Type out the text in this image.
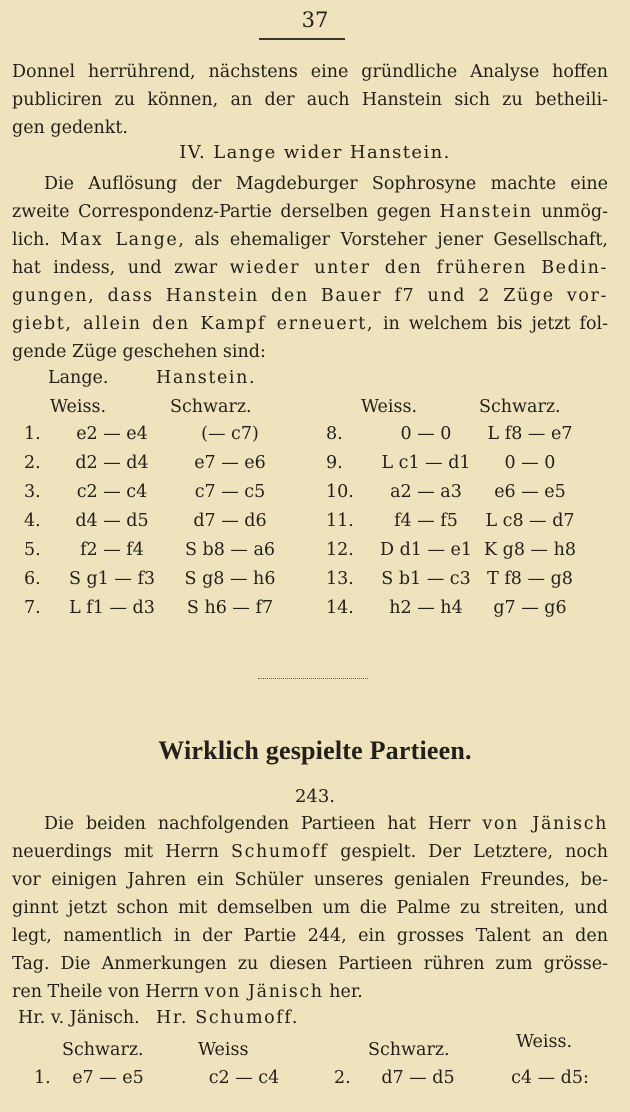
37
Donnel herrührend, nächstens eine gründliche Analyse hoffen
publiciren zu können, an der auch Hanstein sich zu betheili-
gen gedenkt.
IV. Lange wider Hanstein.
Die Auflösung der Magdeburger Sophrosyne machte eine
zweite Correspondenz-Partie derselben gegen Hanstein unmög-
lich. Max Lange, als ehemaliger Vorsteher jener Gesellschaft,
hat indess, und zwar wieder unter den früheren Bedin-
gungen, dass Hanstein den Bauer f7 und 2 Züge vor-
giebt, allein den Kampf erneuert, in welchem bis jetzt fol-
gende Züge geschehen sind:
Lange.	Hanstein.
Weiss.	Schwarz.	Weiss.	Schwarz.
1. e2 — e4	(— c7)
2. d2 — d4	e7 — e6
3. c2 — c4	c7 — c5
4. d4 — d5	d7 — d6
5. f2 — f4 S b8 — a6
6. S g1 — f3 S g8 — h6
7. L f1 — d3 S h6 — f7
8.	0 — 0 L f8 — e7
9. L c1 — d1 0 — 0
10. a2 — a3 e6 — e5
11. f4 — f5 L c8 — d7
12. D d1 — e1 K g8 — h8
13. S b1 — c3 T f8 — g8
14. h2 — h4 g7 — g6
Wirklich gespielte Partieen.
243.
Die beiden nachfolgenden Partieen hat Herr von Jänisch
neuerdings mit Herrn Schumoff gespielt. Der Letztere, noch
vor einigen Jahren ein Schüler unseres genialen Freundes, be-
ginnt jetzt schon mit demselben um die Palme zu streiten, und
legt, namentlich in der Partie 244, ein grosses Talent an den
Tag. Die Anmerkungen zu diesen Partieen rühren zum grösse-
ren Theile von Herrn von Jänisch her.
Hr. v. Jänisch. Hr. Schumoff.
Schwarz.	Weiss	Schwarz.	Weiss.
1. e7 — e5	c2 — c4	2. d7 — d5	c4 — d5:
